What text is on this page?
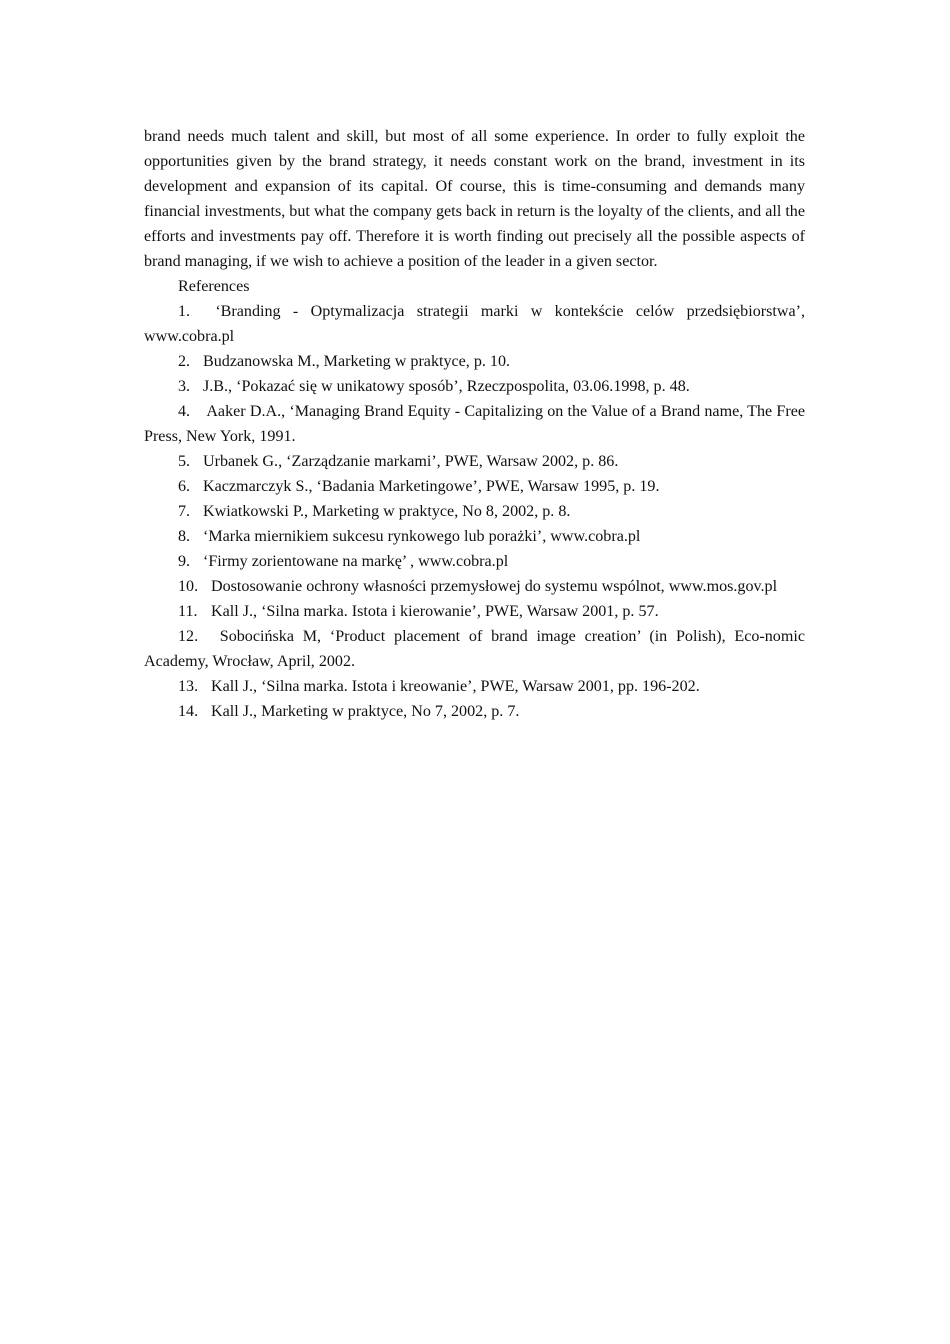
brand needs much talent and skill, but most of all some experience. In order to fully exploit the opportunities given by the brand strategy, it needs constant work on the brand, investment in its development and expansion of its capital. Of course, this is time-consuming and demands many financial investments, but what the company gets back in return is the loyalty of the clients, and all the efforts and investments pay off. Therefore it is worth finding out precisely all the possible aspects of brand managing, if we wish to achieve a position of the leader in a given sector.

References

1. ‘Branding - Optymalizacja strategii marki w kontekście celów przedsiębiorstwa’, www.cobra.pl
2. Budzanowska M., Marketing w praktyce, p. 10.
3. J.B., ‘Pokazać się w unikatowy sposób’, Rzeczpospolita, 03.06.1998, p. 48.
4. Aaker D.A., ‘Managing Brand Equity - Capitalizing on the Value of a Brand name, The Free Press, New York, 1991.
5. Urbanek G., ‘Zarządzanie markami’, PWE, Warsaw 2002, p. 86.
6. Kaczmarczyk S., ‘Badania Marketingowe’, PWE, Warsaw 1995, p. 19.
7. Kwiatkowski P., Marketing w praktyce, No 8, 2002, p. 8.
8. ‘Marka miernikiem sukcesu rynkowego lub porażki’, www.cobra.pl
9. ‘Firmy zorientowane na markę’ , www.cobra.pl
10. Dostosowanie ochrony własności przemysłowej do systemu wspólnot, www.mos.gov.pl
11. Kall J., ‘Silna marka. Istota i kierowanie’, PWE, Warsaw 2001, p. 57.
12. Sobocińska M, ‘Product placement of brand image creation’ (in Polish), Eco-nomic Academy, Wrocław, April, 2002.
13. Kall J., ‘Silna marka. Istota i kreowanie’, PWE, Warsaw 2001, pp. 196-202.
14. Kall J., Marketing w praktyce, No 7, 2002, p. 7.
